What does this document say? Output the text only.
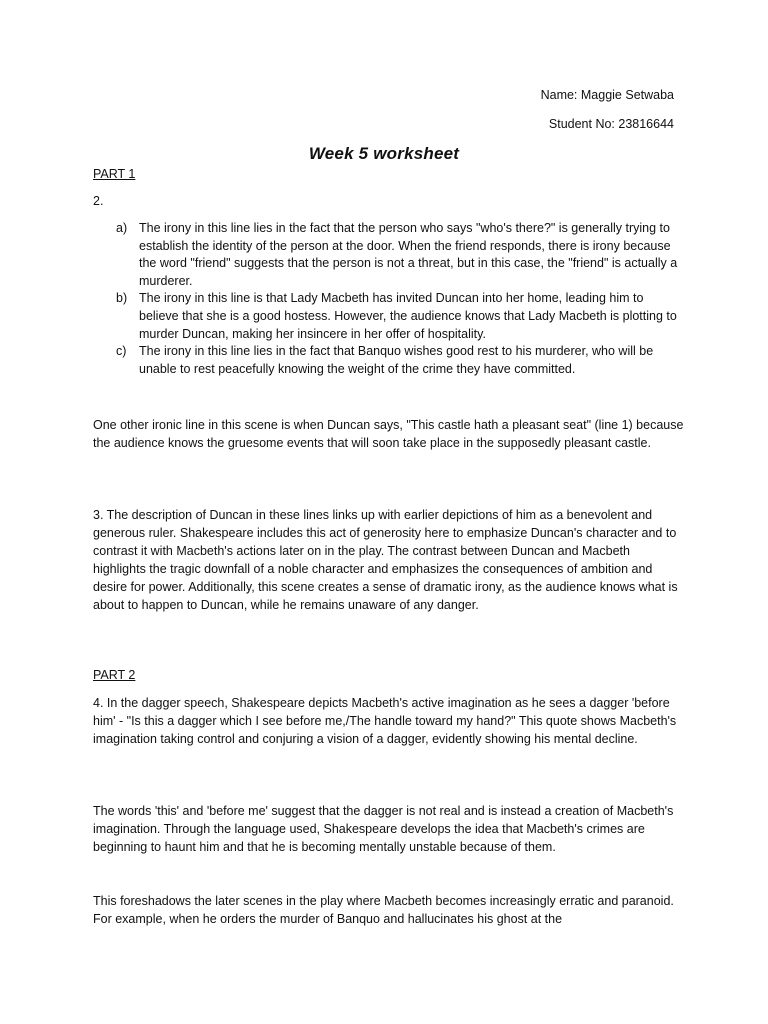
Name: Maggie Setwaba
Student No: 23816644
Week 5 worksheet
PART 1
2.
a) The irony in this line lies in the fact that the person who says "who's there?" is generally trying to establish the identity of the person at the door. When the friend responds, there is irony because the word "friend" suggests that the person is not a threat, but in this case, the "friend" is actually a murderer.
b) The irony in this line is that Lady Macbeth has invited Duncan into her home, leading him to believe that she is a good hostess. However, the audience knows that Lady Macbeth is plotting to murder Duncan, making her insincere in her offer of hospitality.
c) The irony in this line lies in the fact that Banquo wishes good rest to his murderer, who will be unable to rest peacefully knowing the weight of the crime they have committed.
One other ironic line in this scene is when Duncan says, "This castle hath a pleasant seat" (line 1) because the audience knows the gruesome events that will soon take place in the supposedly pleasant castle.
3. The description of Duncan in these lines links up with earlier depictions of him as a benevolent and generous ruler. Shakespeare includes this act of generosity here to emphasize Duncan's character and to contrast it with Macbeth's actions later on in the play. The contrast between Duncan and Macbeth highlights the tragic downfall of a noble character and emphasizes the consequences of ambition and desire for power. Additionally, this scene creates a sense of dramatic irony, as the audience knows what is about to happen to Duncan, while he remains unaware of any danger.
PART 2
4. In the dagger speech, Shakespeare depicts Macbeth's active imagination as he sees a dagger 'before him' - "Is this a dagger which I see before me,/The handle toward my hand?" This quote shows Macbeth's imagination taking control and conjuring a vision of a dagger, evidently showing his mental decline.
The words 'this' and 'before me' suggest that the dagger is not real and is instead a creation of Macbeth's imagination. Through the language used, Shakespeare develops the idea that Macbeth's crimes are beginning to haunt him and that he is becoming mentally unstable because of them.
This foreshadows the later scenes in the play where Macbeth becomes increasingly erratic and paranoid. For example, when he orders the murder of Banquo and hallucinates his ghost at the
